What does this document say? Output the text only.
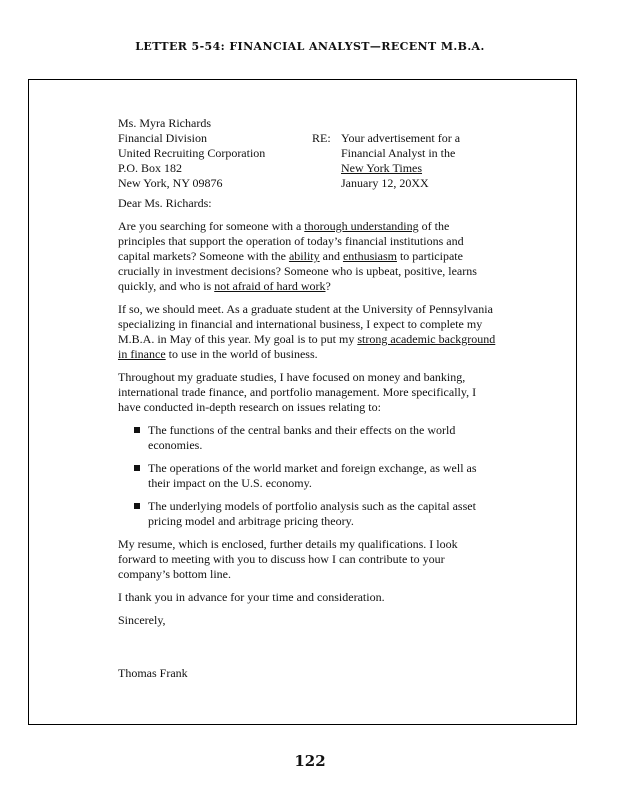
LETTER 5-54: FINANCIAL ANALYST—RECENT M.B.A.
Ms. Myra Richards
Financial Division
United Recruiting Corporation
P.O. Box 182
New York, NY 09876
RE: Your advertisement for a
Financial Analyst in the
New York Times
January 12, 20XX
Dear Ms. Richards:

Are you searching for someone with a thorough understanding of the principles that support the operation of today’s financial institutions and capital markets? Someone with the ability and enthusiasm to participate crucially in investment decisions? Someone who is upbeat, positive, learns quickly, and who is not afraid of hard work?

If so, we should meet. As a graduate student at the University of Pennsylvania specializing in financial and international business, I expect to complete my M.B.A. in May of this year. My goal is to put my strong academic background in finance to use in the world of business.

Throughout my graduate studies, I have focused on money and banking, international trade finance, and portfolio management. More specifically, I have conducted in-depth research on issues relating to:

The functions of the central banks and their effects on the world economies.
The operations of the world market and foreign exchange, as well as their impact on the U.S. economy.
The underlying models of portfolio analysis such as the capital asset pricing model and arbitrage pricing theory.

My resume, which is enclosed, further details my qualifications. I look forward to meeting with you to discuss how I can contribute to your company’s bottom line.

I thank you in advance for your time and consideration.

Sincerely,
Thomas Frank
122
